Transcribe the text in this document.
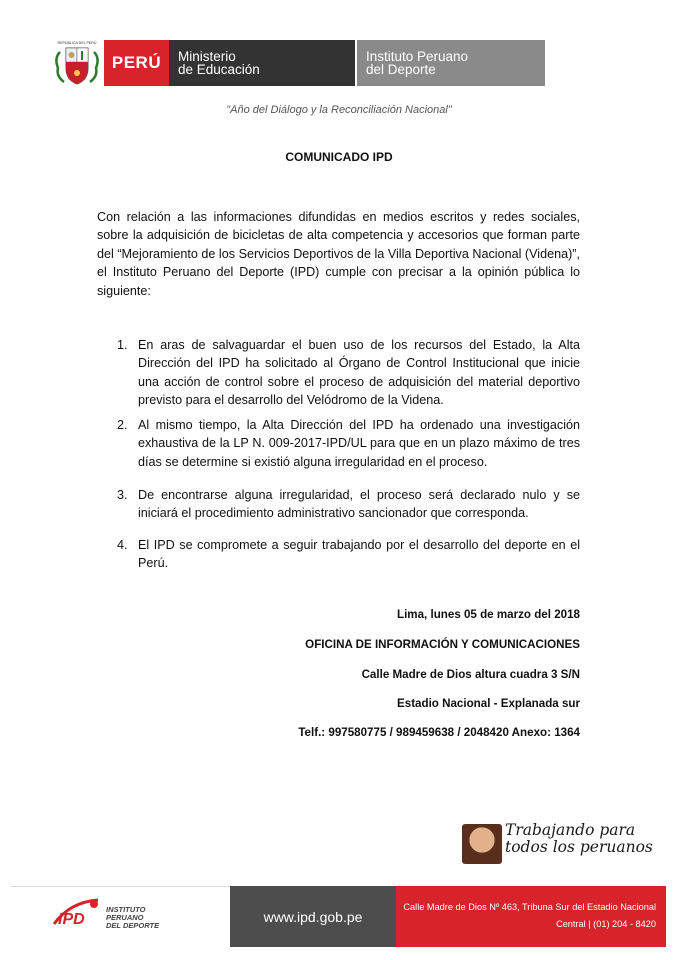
REPÚBLICA DEL PERÚ
PERÚ Ministerio
de Educación
Instituto Peruano
del Deporte
"Año del Diálogo y la Reconciliación Nacional"
COMUNICADO IPD
Con relación a las informaciones difundidas en medios escritos y redes sociales, sobre la adquisición de bicicletas de alta competencia y accesorios que forman parte del “Mejoramiento de los Servicios Deportivos de la Villa Deportiva Nacional (Videna)”, el Instituto Peruano del Deporte (IPD) cumple con precisar a la opinión pública lo siguiente:
1. En aras de salvaguardar el buen uso de los recursos del Estado, la Alta Dirección del IPD ha solicitado al Órgano de Control Institucional que inicie una acción de control sobre el proceso de adquisición del material deportivo previsto para el desarrollo del Velódromo de la Videna.
2. Al mismo tiempo, la Alta Dirección del IPD ha ordenado una investigación exhaustiva de la LP N. 009-2017-IPD/UL para que en un plazo máximo de tres días se determine si existió alguna irregularidad en el proceso.
3. De encontrarse alguna irregularidad, el proceso será declarado nulo y se iniciará el procedimiento administrativo sancionador que corresponda.
4. El IPD se compromete a seguir trabajando por el desarrollo del deporte en el Perú.
Lima, lunes 05 de marzo del 2018
OFICINA DE INFORMACIÓN Y COMUNICACIONES
Calle Madre de Dios altura cuadra 3 S/N
Estadio Nacional - Explanada sur
Telf.: 997580775 / 989459638 / 2048420 Anexo: 1364
Trabajando para
todos los peruanos
IPD
INSTITUTO
PERUANO
DEL DEPORTE
www.ipd.gob.pe
Calle Madre de Dios Nº 463, Tribuna Sur del Estadio Nacional
Central | (01) 204 - 8420
